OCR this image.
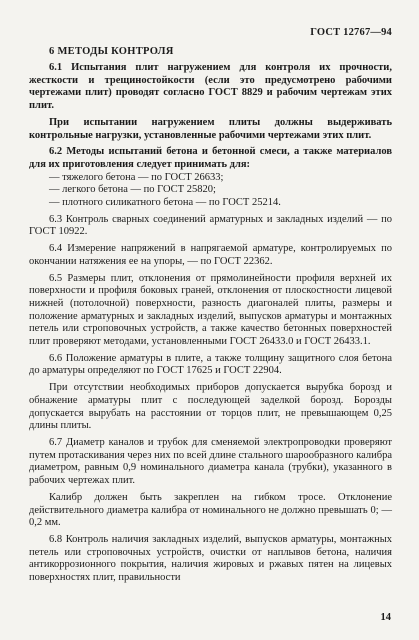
ГОСТ 12767—94
6 МЕТОДЫ КОНТРОЛЯ

6.1 Испытания плит нагружением для контроля их прочности, жесткости и трещиностойкости (если это предусмотрено рабочими чертежами плит) проводят согласно ГОСТ 8829 и рабочим чертежам этих плит.

При испытании нагружением плиты должны выдерживать контрольные нагрузки, установленные рабочими чертежами этих плит.

6.2 Методы испытаний бетона и бетонной смеси, а также материалов для их приготовления следует принимать для:

— тяжелого бетона — по ГОСТ 26633;
— легкого бетона — по ГОСТ 25820;
— плотного силикатного бетона — по ГОСТ 25214.

6.3 Контроль сварных соединений арматурных и закладных изделий — по ГОСТ 10922.

6.4 Измерение напряжений в напрягаемой арматуре, контролируемых по окончании натяжения ее на упоры, — по ГОСТ 22362.

6.5 Размеры плит, отклонения от прямолинейности профиля верхней их поверхности и профиля боковых граней, отклонения от плоскостности лицевой нижней (потолочной) поверхности, разность диагоналей плиты, размеры и положение арматурных и закладных изделий, выпусков арматуры и монтажных петель или строповочных устройств, а также качество бетонных поверхностей плит проверяют методами, установленными ГОСТ 26433.0 и ГОСТ 26433.1.

6.6 Положение арматуры в плите, а также толщину защитного слоя бетона до арматуры определяют по ГОСТ 17625 и ГОСТ 22904.

При отсутствии необходимых приборов допускается вырубка борозд и обнажение арматуры плит с последующей заделкой борозд. Борозды допускается вырубать на расстоянии от торцов плит, не превышающем 0,25 длины плиты.

6.7 Диаметр каналов и трубок для сменяемой электропроводки проверяют путем протаскивания через них по всей длине стального шарообразного калибра диаметром, равным 0,9 номинального диаметра канала (трубки), указанного в рабочих чертежах плит.

Калибр должен быть закреплен на гибком тросе. Отклонение действительного диаметра калибра от номинального не должно превышать 0; —0,2 мм.

6.8 Контроль наличия закладных изделий, выпусков арматуры, монтажных петель или строповочных устройств, очистки от наплывов бетона, наличия антикоррозионного покрытия, наличия жировых и ржавых пятен на лицевых поверхностях плит, правильности

14
